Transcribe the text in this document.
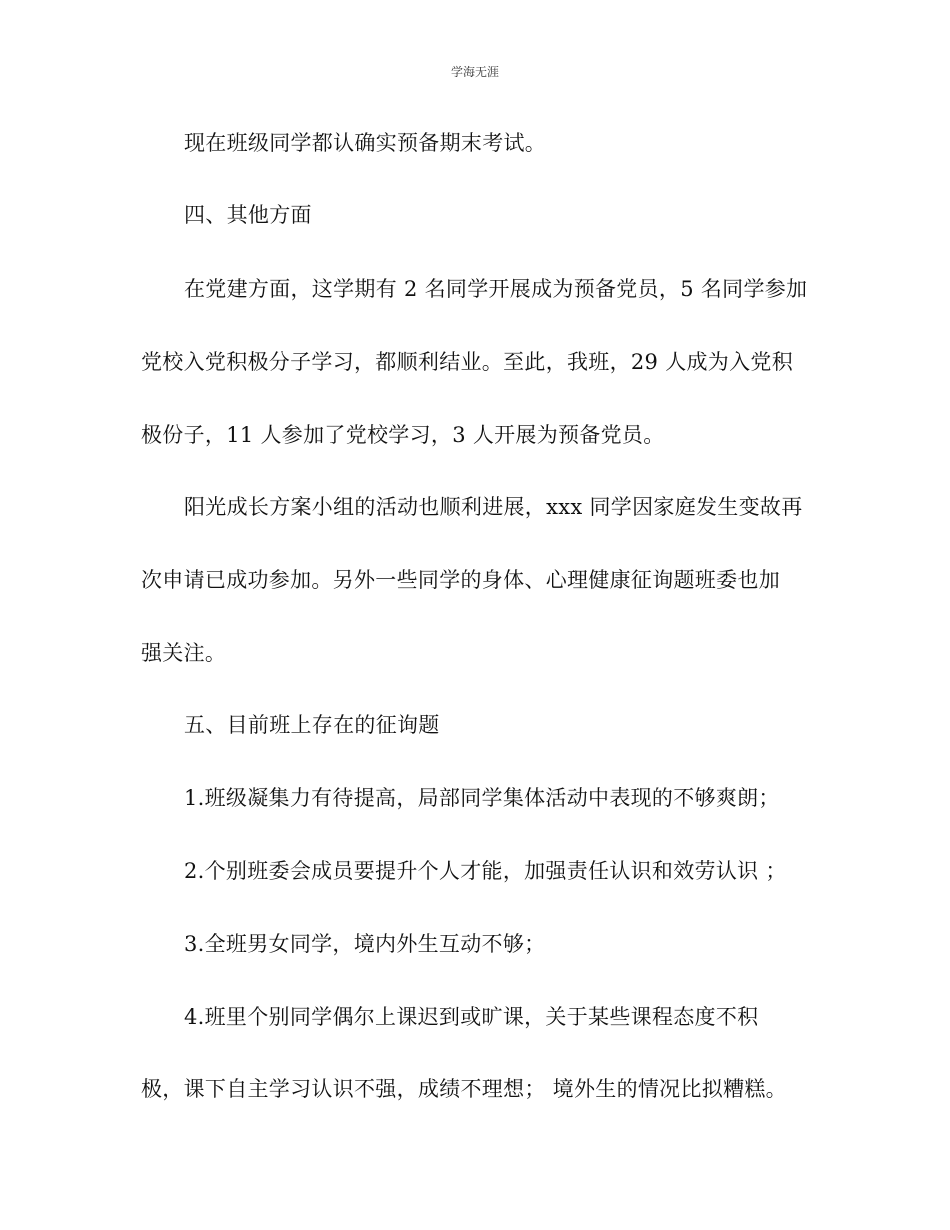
学海无涯
现在班级同学都认确实预备期末考试。
四、其他方面
在党建方面，这学期有 2 名同学开展成为预备党员，5 名同学参加
党校入党积极分子学习，都顺利结业。至此，我班，29 人成为入党积
极份子，11 人参加了党校学习，3 人开展为预备党员。
阳光成长方案小组的活动也顺利进展，xxx 同学因家庭发生变故再
次申请已成功参加。另外一些同学的身体、心理健康征询题班委也加
强关注。
五、目前班上存在的征询题
1.班级凝集力有待提高，局部同学集体活动中表现的不够爽朗；
2.个别班委会成员要提升个人才能，加强责任认识和效劳认识 ；
3.全班男女同学，境内外生互动不够；
4.班里个别同学偶尔上课迟到或旷课，关于某些课程态度不积
极，课下自主学习认识不强，成绩不理想； 境外生的情况比拟糟糕。
